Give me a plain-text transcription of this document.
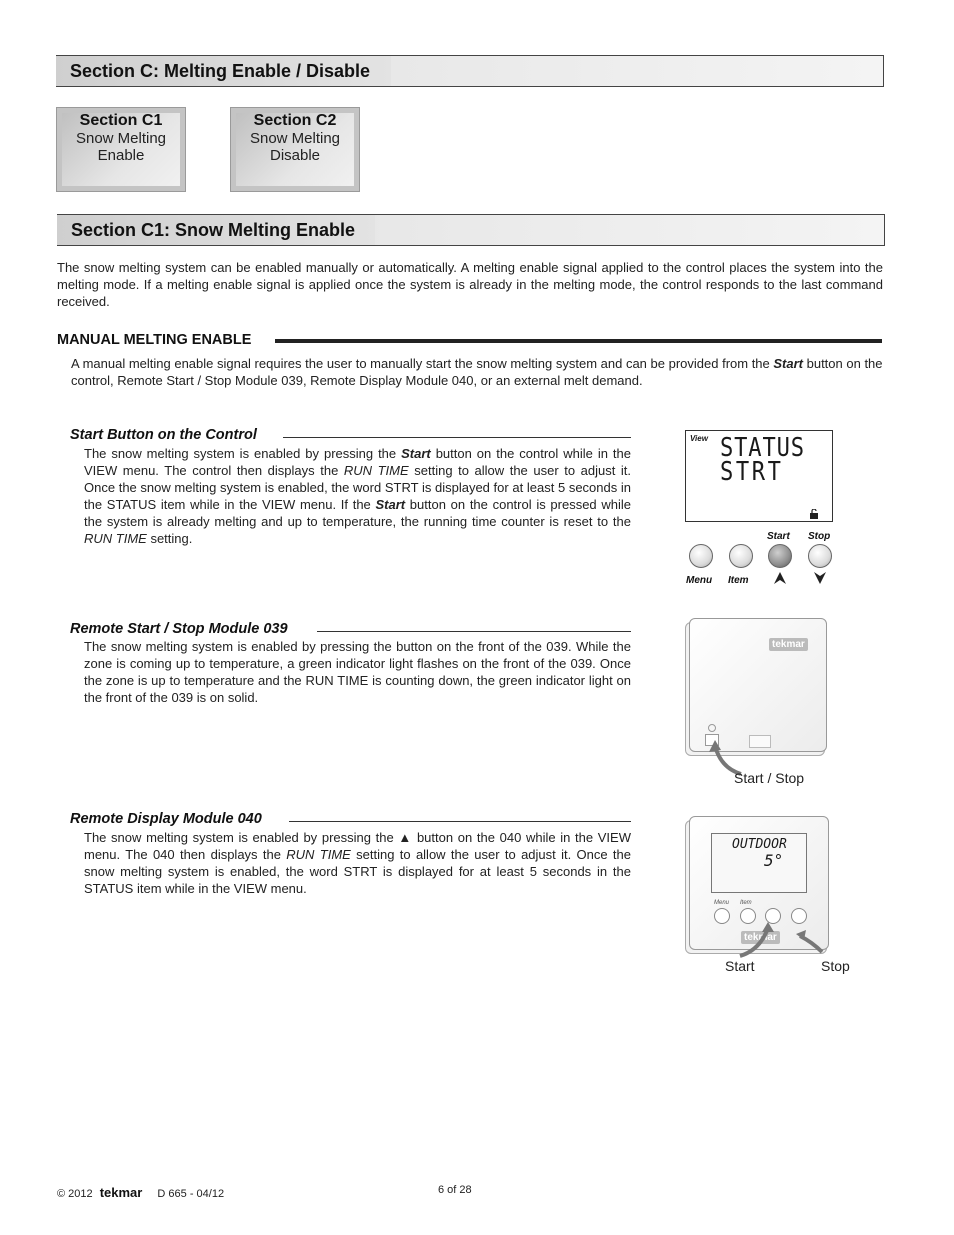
Section C: Melting Enable / Disable
Section C1
Snow Melting
Enable
Section C2
Snow Melting
Disable
Section C1: Snow Melting Enable

The snow melting system can be enabled manually or automatically. A melting enable signal applied to the control places the system into the melting mode. If a melting enable signal is applied once the system is already in the melting mode, the control responds to the last command received.

MANUAL MELTING ENABLE

A manual melting enable signal requires the user to manually start the snow melting system and can be provided from the Start button on the control, Remote Start / Stop Module 039, Remote Display Module 040, or an external melt demand.

Start Button on the Control

The snow melting system is enabled by pressing the Start button on the control while in the VIEW menu. The control then displays the RUN TIME setting to allow the user to adjust it. Once the snow melting system is enabled, the word STRT is displayed for at least 5 seconds in the STATUS item while in the VIEW menu. If the Start button on the control is pressed while the system is already melting and up to temperature, the running time counter is reset to the RUN TIME setting.

View STATUS
STRT
Start Stop
Menu Item
Remote Start / Stop Module 039

The snow melting system is enabled by pressing the button on the front of the 039. While the zone is coming up to temperature, a green indicator light flashes on the front of the 039. Once the zone is up to temperature and the RUN TIME is counting down, the green indicator light on the front of the 039 is on solid.

tekmar
Start / Stop
Remote Display Module 040

The snow melting system is enabled by pressing the ▲ button on the 040 while in the VIEW menu. The 040 then displays the RUN TIME setting to allow the user to adjust it. Once the snow melting system is enabled, the word STRT is displayed for at least 5 seconds in the STATUS item while in the VIEW menu.

OUTDOOR
5°
Menu Item
tekmar
Start	Stop
© 2012 tekmar D 665 - 04/12	6 of 28
